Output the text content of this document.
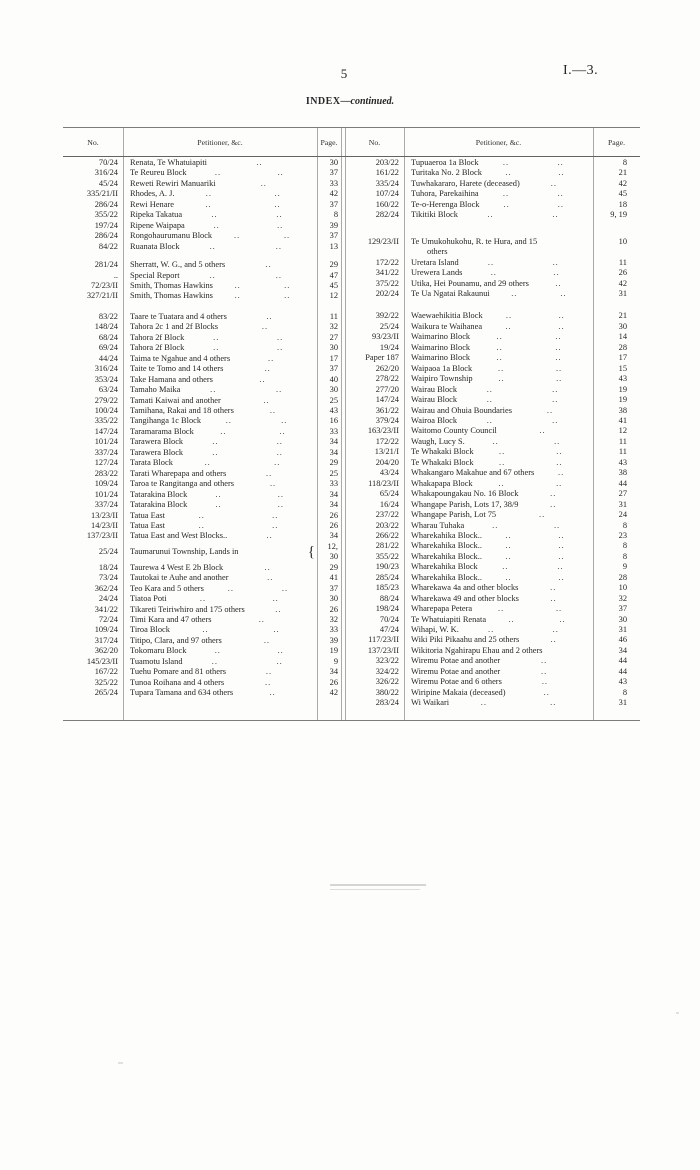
5	I.—3.
INDEX—continued.
No.	Petitioner, &c.	Page.	No.	Petitioner, &c.	Page.
70/24	Renata, Te Whatuiapiti	..	30
316/24	Te Reureu Block	..	..	37
45/24	Reweti Rewiri Manuariki	..	33
335/21/II	Rhodes, A. J.	..	..	42
286/24	Rewi Henare	..	..	37
355/22	Ripeka Takatua	..	..	8
197/24	Ripene Waipapa	..	..	39
286/24	Rongohaurumanu Block	..	..	37
84/22	Ruanata Block	..	..	13
281/24	Sherratt, W. G., and 5 others	..	29
..	Special Report	..	..	47
72/23/II	Smith, Thomas Hawkins	..	..	45
327/21/II	Smith, Thomas Hawkins	..	..	12
83/22	Taare te Tuatara and 4 others	..	11
148/24	Tahora 2c 1 and 2f Blocks	..	32
68/24	Tahora 2f Block	..	..	27
69/24	Tahora 2f Block	..	..	30
44/24	Taima te Ngahue and 4 others	..	17
316/24	Taite te Tomo and 14 others	..	37
353/24	Take Hamana and others	..	40
63/24	Tamaho Maika	..	..	30
279/22	Tamati Kaiwai and another	..	25
100/24	Tamihana, Rakai and 18 others	..	43
335/22	Tangihanga 1c Block	..	..	16
147/24	Taramarama Block	..	..	33
101/24	Tarawera Block	..	..	34
337/24	Tarawera Block	..	..	34
127/24	Tarata Block	..	..	29
283/22	Tarati Wharepapa and others	..	25
109/24	Taroa te Rangitanga and others	..	33
101/24	Tatarakina Block	..	..	34
337/24	Tatarakina Block	..	..	34
13/23/II	Tatua East	..	..	26
14/23/II	Tatua East	..	..	26
137/23/II	Tatua East and West Blocks..	..	34
25/24	Taumarunui Township, Lands in	{	12,
30
18/24	Taurewa 4 West E 2b Block	..	29
73/24	Tautokai te Auhe and another	..	41
362/24	Teo Kara and 5 others	..	..	37
24/24	Tiatoa Poti	..	..	30
341/22	Tikareti Teiriwhiro and 175 others	..	26
72/24	Timi Kara and 47 others	..	32
109/24	Tiroa Block	..	..	33
317/24	Titipo, Clara, and 97 others	..	39
362/20	Tokomaru Block	..	..	19
145/23/II	Tuamotu Island	..	..	9
167/22	Tuehu Pomare and 81 others	..	34
325/22	Tunoa Roihana and 4 others	..	26
265/24	Tupara Tamana and 634 others	..	42
203/22	Tupuaeroa 1a Block	..	..	8
161/22	Turitaka No. 2 Block	..	..	21
335/24	Tuwhakararo, Harete (deceased)	..	42
107/24	Tuhora, Parekaihina	..	..	45
160/22	Te-o-Herenga Block	..	..	18
282/24	Tikitiki Block	..	..	9, 19
129/23/II	Te Umukohukohu, R. te Hura, and 15	10
others
172/22	Uretara Island	..	..	11
341/22	Urewera Lands	..	..	26
375/22	Utika, Hei Pounamu, and 29 others	..	42
202/24	Te Ua Ngatai Rakaunui	..	..	31
392/22	Waewaehikitia Block	..	..	21
25/24	Waikura te Waihanea	..	..	30
93/23/II	Waimarino Block	..	..	14
19/24	Waimarino Block	..	..	28
Paper 187	Waimarino Block	..	..	17
262/20	Waipaoa 1a Block	..	..	15
278/22	Waipiro Township	..	..	43
277/20	Wairau Block	..	..	19
147/24	Wairau Block	..	..	19
361/22	Wairau and Ohuia Boundaries	..	38
379/24	Wairoa Block	..	..	41
163/23/II	Waitomo County Council	..	12
172/22	Waugh, Lucy S.	..	..	11
13/21/I	Te Whakaki Block	..	..	11
204/20	Te Whakaki Block	..	..	43
43/24	Whakangaro Makahue and 67 others	..	38
118/23/II	Whakapapa Block	..	..	44
65/24	Whakapoungakau No. 16 Block	..	27
16/24	Whangape Parish, Lots 17, 38/9	..	31
237/22	Whangape Parish, Lot 75	..	24
203/22	Wharau Tuhaka	..	..	8
266/22	Wharekahika Block..	..	..	23
281/22	Wharekahika Block..	..	..	8
355/22	Wharekahika Block..	..	..	8
190/23	Wharekahika Block	..	..	9
285/24	Wharekahika Block..	..	..	28
185/23	Wharekawa 4a and other blocks	..	10
88/24	Wharekawa 49 and other blocks	..	32
198/24	Wharepapa Petera	..	..	37
70/24	Te Whatuiapiti Renata	..	..	30
47/24	Wihapi, W. K.	..	..	31
117/23/II	Wiki Piki Pikaahu and 25 others	..	46
137/23/II	Wikitoria Ngahirapu Ehau and 2 others	34
323/22	Wiremu Potae and another	..	44
324/22	Wiremu Potae and another	..	44
326/22	Wiremu Potae and 6 others	..	43
380/22	Wiripine Makaia (deceased)	..	8
283/24	Wi Waikari	..	..	31
